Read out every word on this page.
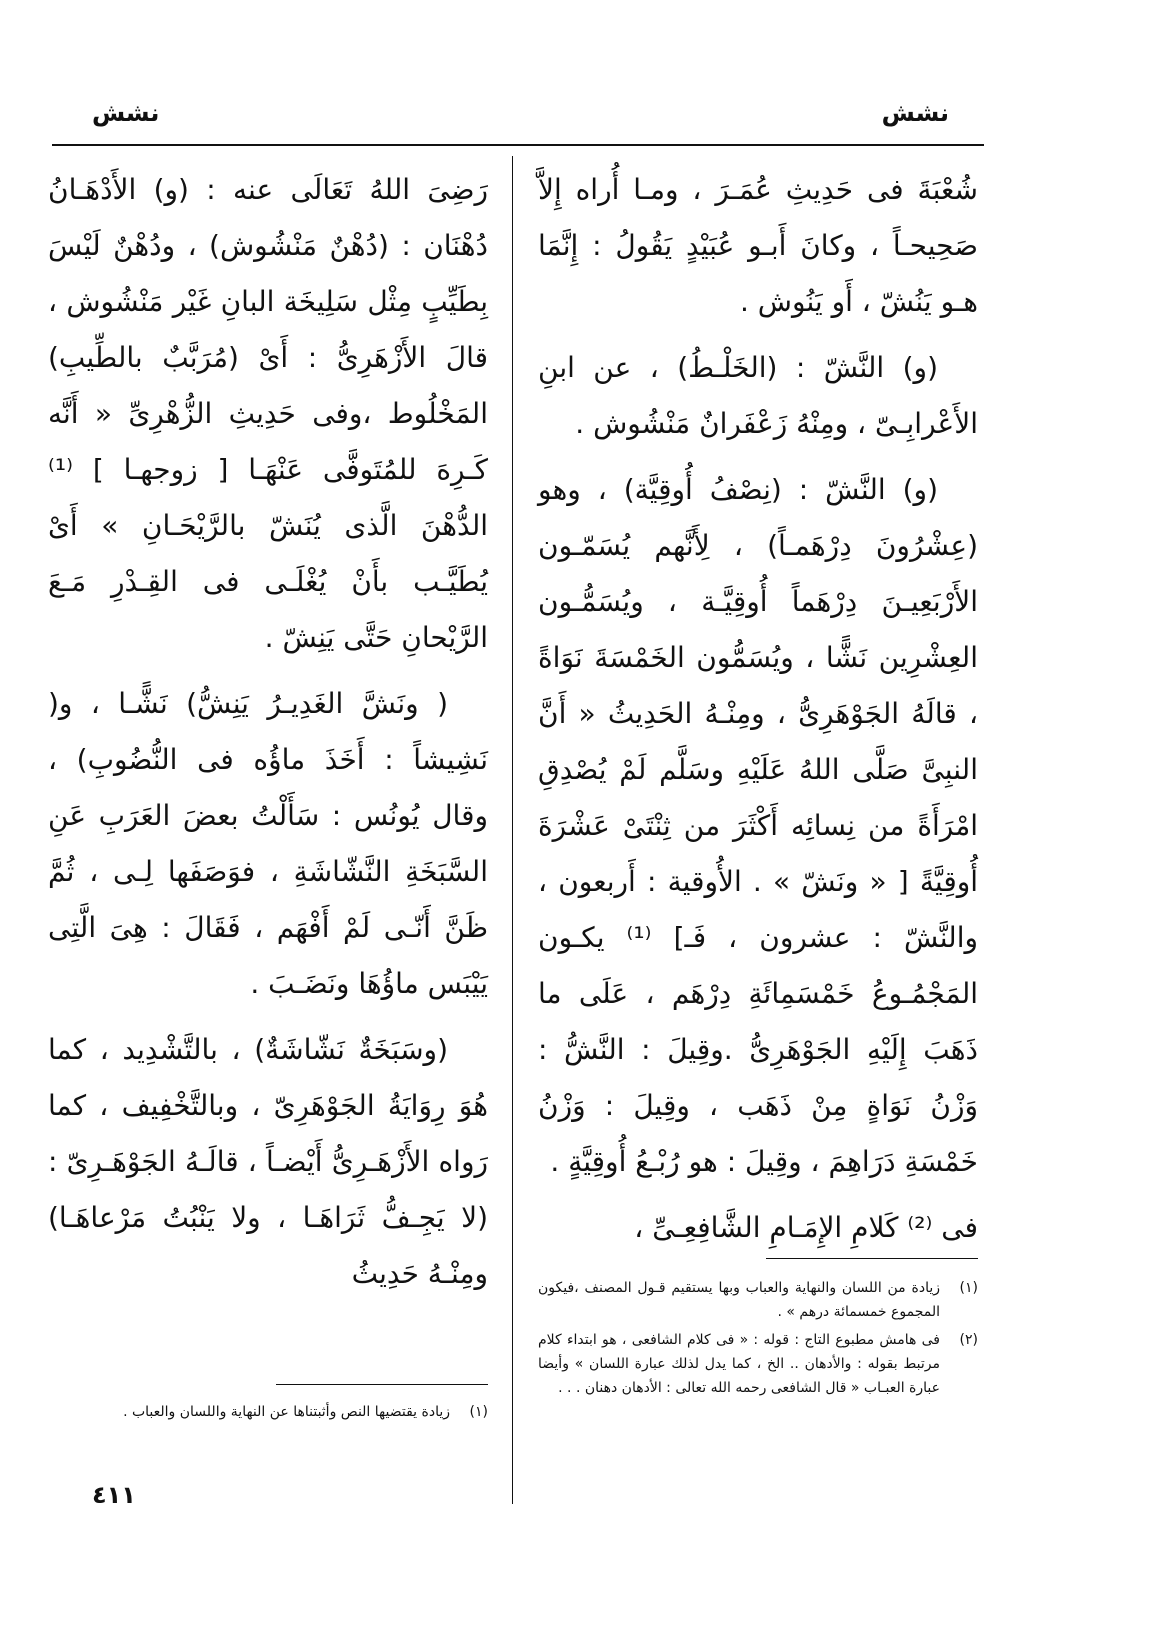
نشش
نشش

شُعْبَةَ فى حَدِيثِ عُمَـرَ ، ومـا أُراه إِلاَّ صَحِيحـاً ، وكانَ أَبـو عُبَيْدٍ يَقُولُ : إِنَّمَا هـو يَنُشّ ، أَو يَنُوش .

(و) النَّشّ : (الخَلْـطُ) ، عن ابنِ الأَعْرابِـىّ ، ومِنْهُ زَعْفَرانٌ مَنْشُوش .

(و) النَّشّ : (نِصْفُ أُوقِيَّة) ، وهو (عِشْرُونَ دِرْهَمـاً) ، لِأَنَّهم يُسَمّـون الأَرْبَعِيـنَ دِرْهَماً أُوقِيَّـة ، ويُسَمُّـون العِشْرِين نَشًّا ، ويُسَمُّون الخَمْسَةَ نَوَاةً ، قالَهُ الجَوْهَرِىُّ ، ومِنْـهُ الحَدِيثُ « أَنَّ النبِىَّ صَلَّى اللهُ عَلَيْهِ وسَلَّم لَمْ يُصْدِقِ امْرَأَةً من نِسائِه أَكْثَرَ من ثِنْتَىْ عَشْرَةَ أُوقِيَّةً [ « ونَشّ » . الأُوقية : أَربعون ، والنَّشّ : عشرون ، فَـ] ⁽¹⁾ يكـون المَجْمُـوعُ خَمْسَمِائَةِ دِرْهَم ، عَلَى ما ذَهَبَ إِلَيْهِ الجَوْهَرِىُّ .وقِيلَ : النَّشُّ : وَزْنُ نَوَاةٍ مِنْ ذَهَب ، وقِيلَ : وَزْنُ خَمْسَةِ دَرَاهِمَ ، وقِيلَ : هو رُبْـعُ أُوقِيَّةٍ .

فى ⁽²⁾ كَلامِ الإِمَـامِ الشَّافِعِـىِّ ،

(١)
زيادة من اللسان والنهاية والعباب وبها يستقيم قـول المصنف ،فيكون المجموع خمسمائة درهم » .
(٢)
فى هامش مطبوع التاج : قوله : « فى كلام الشافعى ، هو ابتداء كلام مرتبط بقوله : والأدهان .. الخ ، كما يدل لذلك عبارة اللسان » وأيضا عبارة العبـاب « قال الشافعى رحمه الله تعالى : الأدهان دهنان . . .

رَضِىَ اللهُ تَعَالَى عنه : (و) الأَدْهَـانُ دُهْنَان : (دُهْنٌ مَنْشُوش) ، ودُهْنٌ لَيْسَ بِطَيِّبٍ مِثْل سَلِيخَة البانِ غَيْر مَنْشُوش ، قالَ الأَزْهَرِىُّ : أَىْ (مُرَبَّبٌ بالطِّيبِ) المَخْلُوط ،وفى حَدِيثِ الزُّهْرِىِّ « أَنَّه كَـرِهَ للمُتَوفَّى عَنْهَـا [ زوجهـا ] ⁽¹⁾ الدُّهْنَ الَّذى يُنَشّ بالرَّيْحَـانِ » أَىْ يُطَيَّـب بأَنْ يُغْلَـى فى القِـدْرِ مَـعَ الرَّيْحانِ حَتَّى يَنِشّ .

( ونَشَّ الغَدِيـرُ يَنِشُّ) نَشًّـا ، و( نَشِيشاً : أَخَذَ ماؤُه فى النُّضُوبِ) ، وقال يُونُس : سَأَلْتُ بعضَ العَرَبِ عَنِ السَّبَخَةِ النَّشّاشَةِ ، فوَصَفَها لِـى ، ثُمَّ ظَنَّ أَنّـى لَمْ أَفْهَم ، فَقَالَ : هِىَ الَّتِى يَيْبَس ماؤُهَا ونَضَـبَ .

(وسَبَخَةٌ نَشّاشَةٌ) ، بالتَّشْدِيد ، كما هُوَ رِوَايَةُ الجَوْهَرِىّ ، وبالتَّخْفِيف ، كما رَواه الأَزْهَـرِىُّ أَيْضـاً ، قالَـهُ الجَوْهَـرِىّ : (لا يَجِـفُّ ثَرَاهَـا ، ولا يَنْبُتُ مَرْعاهَـا) ومِنْـهُ حَدِيثُ

(١)
زيادة يقتضيها النص وأثبتناها عن النهاية واللسان والعباب .
٤١١
